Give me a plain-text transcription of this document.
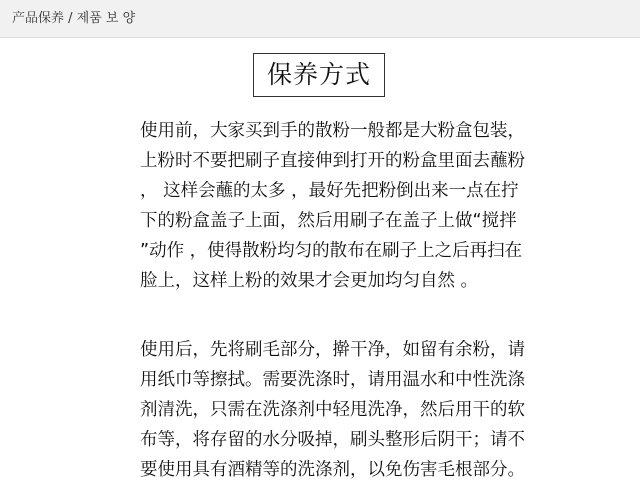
产品保养 / 제품 보 양
保养方式
使用前，大家买到手的散粉一般都是大粉盒包装，
上粉时不要把刷子直接伸到打开的粉盒里面去蘸粉
， 这样会蘸的太多 ，最好先把粉倒出来一点在拧
下的粉盒盖子上面，然后用刷子在盖子上做“搅拌
”动作 ，使得散粉均匀的散布在刷子上之后再扫在
脸上，这样上粉的效果才会更加均匀自然 。
使用后，先将刷毛部分，擀干净，如留有余粉，请
用纸巾等擦拭。需要洗涤时，请用温水和中性洗涤
剂清洗，只需在洗涤剂中轻甩洗净，然后用干的软
布等，将存留的水分吸掉，刷头整形后阴干；请不
要使用具有酒精等的洗涤剂，以免伤害毛根部分。
